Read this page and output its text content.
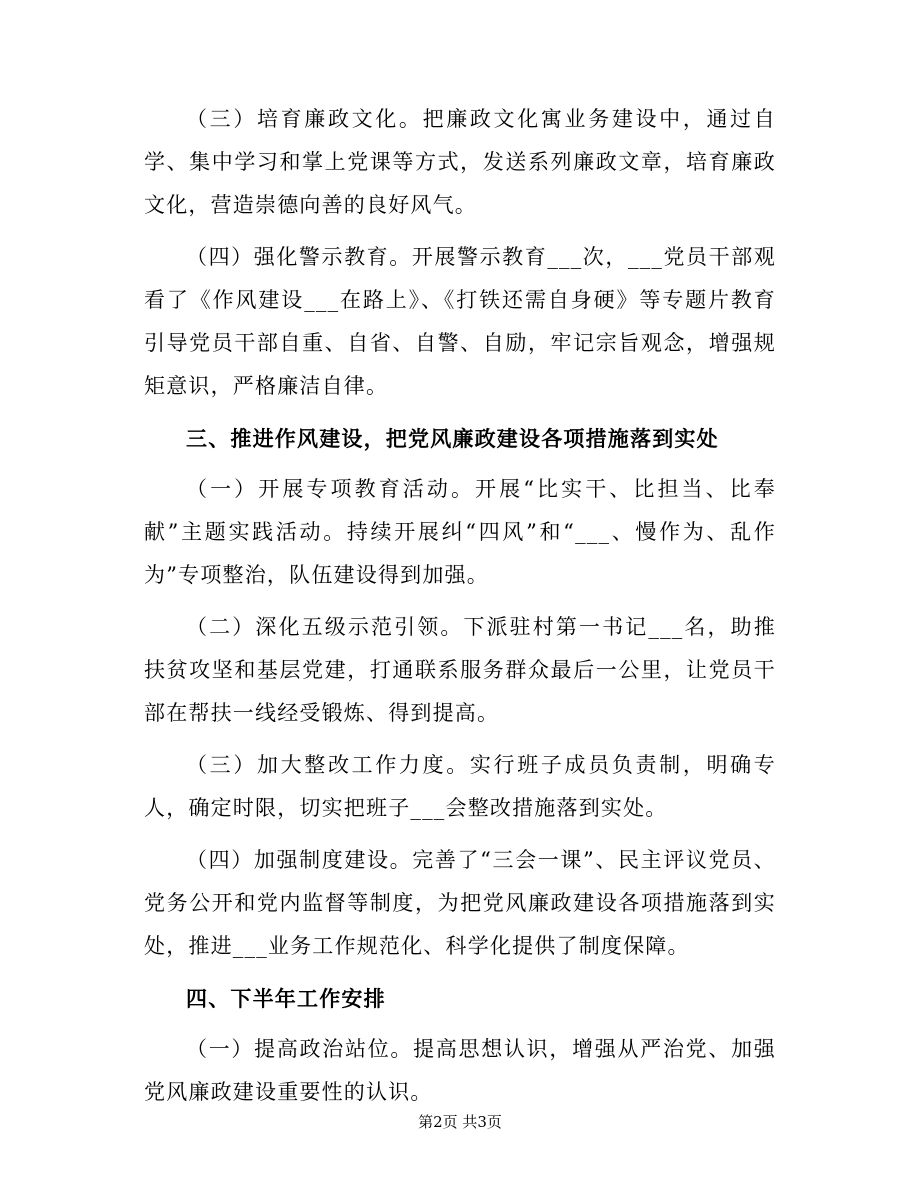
（三）培育廉政文化。把廉政文化寓业务建设中，通过自学、集中学习和掌上党课等方式，发送系列廉政文章，培育廉政文化，营造崇德向善的良好风气。

（四）强化警示教育。开展警示教育___次，___党员干部观看了《作风建设___在路上》、《打铁还需自身硬》等专题片教育引导党员干部自重、自省、自警、自励，牢记宗旨观念，增强规矩意识，严格廉洁自律。

三、推进作风建设，把党风廉政建设各项措施落到实处

（一）开展专项教育活动。开展“比实干、比担当、比奉献”主题实践活动。持续开展纠“四风”和“___、慢作为、乱作为”专项整治，队伍建设得到加强。

（二）深化五级示范引领。下派驻村第一书记___名，助推扶贫攻坚和基层党建，打通联系服务群众最后一公里，让党员干部在帮扶一线经受锻炼、得到提高。

（三）加大整改工作力度。实行班子成员负责制，明确专人，确定时限，切实把班子___会整改措施落到实处。

（四）加强制度建设。完善了“三会一课”、民主评议党员、党务公开和党内监督等制度，为把党风廉政建设各项措施落到实处，推进___业务工作规范化、科学化提供了制度保障。

四、下半年工作安排

（一）提高政治站位。提高思想认识，增强从严治党、加强党风廉政建设重要性的认识。

第2页 共3页
